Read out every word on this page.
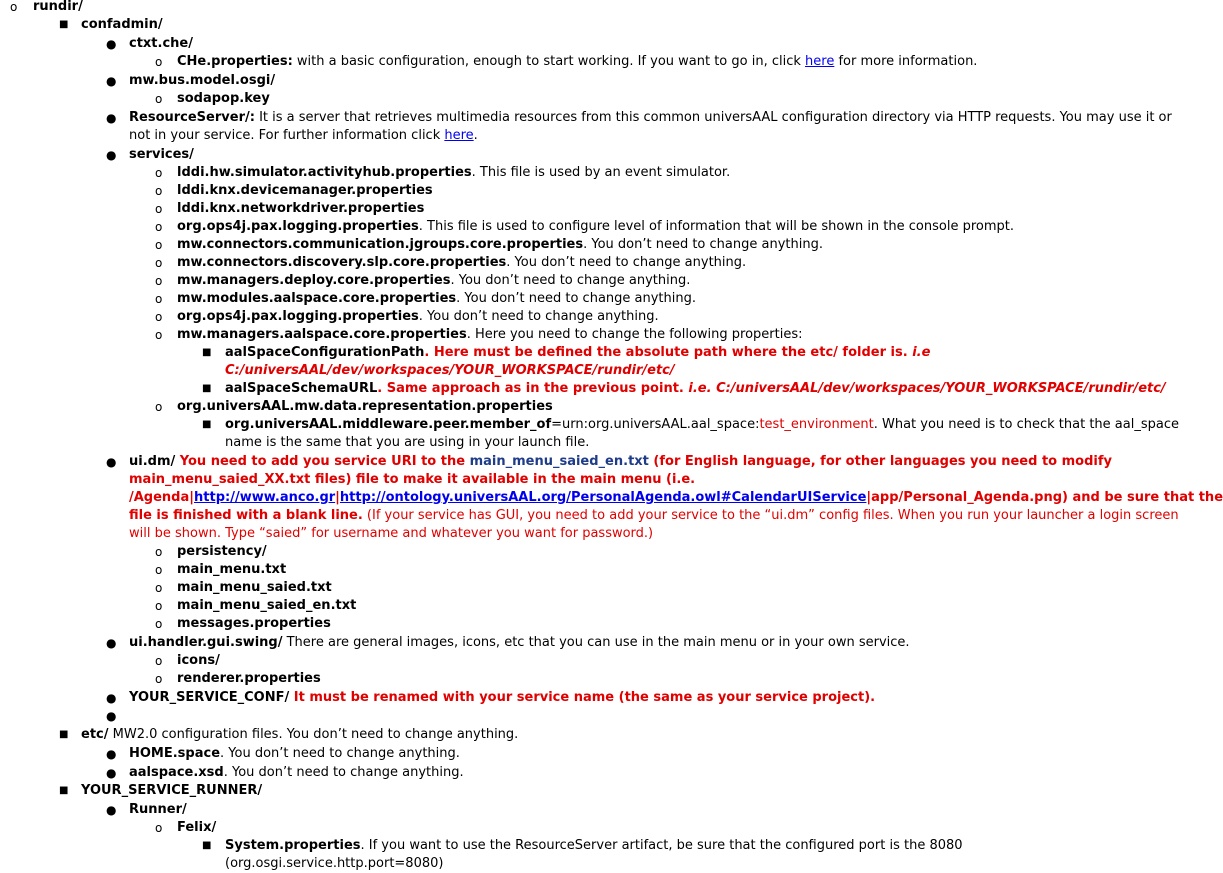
o rundir/
■ confadmin/
● ctxt.che/
o CHe.properties: with a basic configuration, enough to start working. If you want to go in, click here for more information.
● mw.bus.model.osgi/
o sodapop.key
● ResourceServer/: It is a server that retrieves multimedia resources from this common universAAL configuration directory via HTTP requests. You may use it or
not in your service. For further information click here.
● services/
o lddi.hw.simulator.activityhub.properties. This file is used by an event simulator.
o lddi.knx.devicemanager.properties
o lddi.knx.networkdriver.properties
o org.ops4j.pax.logging.properties. This file is used to configure level of information that will be shown in the console prompt.
o mw.connectors.communication.jgroups.core.properties. You don’t need to change anything.
o mw.connectors.discovery.slp.core.properties. You don’t need to change anything.
o mw.managers.deploy.core.properties. You don’t need to change anything.
o mw.modules.aalspace.core.properties. You don’t need to change anything.
o org.ops4j.pax.logging.properties. You don’t need to change anything.
o mw.managers.aalspace.core.properties. Here you need to change the following properties:
■ aalSpaceConfigurationPath. Here must be defined the absolute path where the etc/ folder is. i.e
C:/universAAL/dev/workspaces/YOUR_WORKSPACE/rundir/etc/
■ aalSpaceSchemaURL. Same approach as in the previous point. i.e. C:/universAAL/dev/workspaces/YOUR_WORKSPACE/rundir/etc/
o org.universAAL.mw.data.representation.properties
■ org.universAAL.middleware.peer.member_of=urn:org.universAAL.aal_space:test_environment. What you need is to check that the aal_space
name is the same that you are using in your launch file.
● ui.dm/ You need to add you service URI to the main_menu_saied_en.txt (for English language, for other languages you need to modify
main_menu_saied_XX.txt files) file to make it available in the main menu (i.e.
/Agenda|http://www.anco.gr|http://ontology.universAAL.org/PersonalAgenda.owl#CalendarUIService|app/Personal_Agenda.png) and be sure that the
file is finished with a blank line. (If your service has GUI, you need to add your service to the “ui.dm” config files. When you run your launcher a login screen
will be shown. Type “saied” for username and whatever you want for password.)
o persistency/
o main_menu.txt
o main_menu_saied.txt
o main_menu_saied_en.txt
o messages.properties
● ui.handler.gui.swing/ There are general images, icons, etc that you can use in the main menu or in your own service.
o icons/
o renderer.properties
● YOUR_SERVICE_CONF/ It must be renamed with your service name (the same as your service project).
●
■ etc/ MW2.0 configuration files. You don’t need to change anything.
● HOME.space. You don’t need to change anything.
● aalspace.xsd. You don’t need to change anything.
■ YOUR_SERVICE_RUNNER/
● Runner/
o Felix/
■ System.properties. If you want to use the ResourceServer artifact, be sure that the configured port is the 8080
(org.osgi.service.http.port=8080)
